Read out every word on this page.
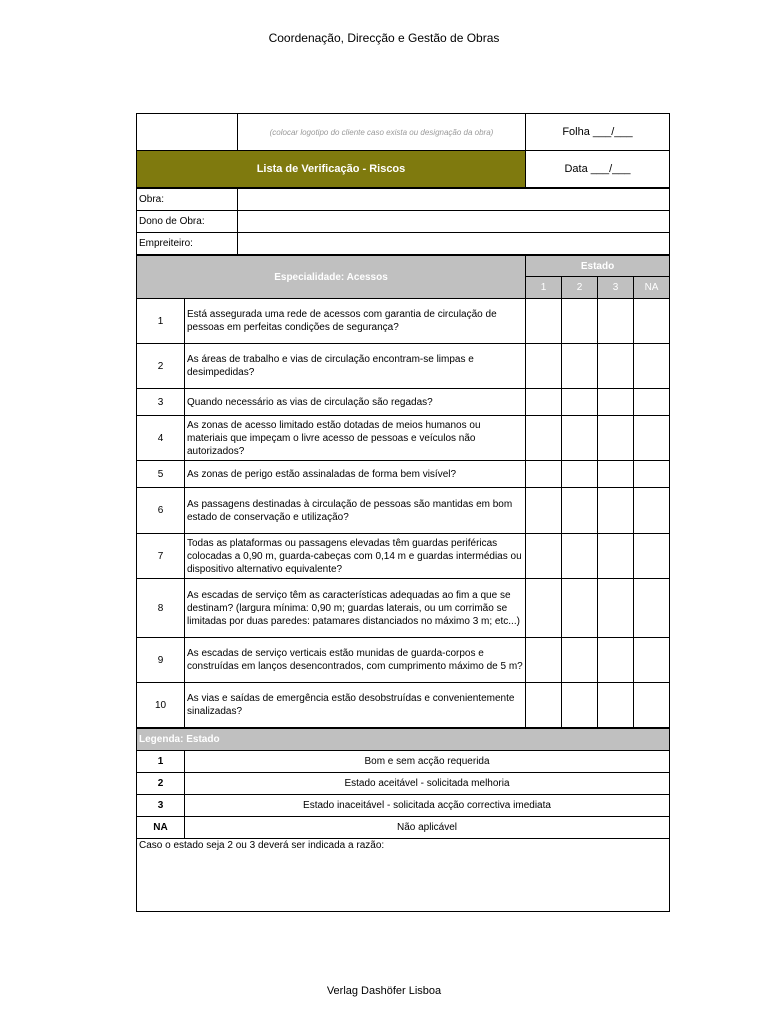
Coordenação, Direcção e Gestão de Obras
	(colocar logotipo do cliente caso exista ou designação da obra)	Folha ___/___
Lista de Verificação - Riscos		Data ___/___
Obra:	
Dono de Obra:	
Empreiteiro:	
Especialidade: Acessos		Estado			
		1	2	3	NA
1	Está assegurada uma rede de acessos com garantia de circulação de pessoas em perfeitas condições de segurança?				
2	As áreas de trabalho e vias de circulação encontram-se limpas e desimpedidas?				
3	Quando necessário as vias de circulação são regadas?				
4	As zonas de acesso limitado estão dotadas de meios humanos ou materiais que impeçam o livre acesso de pessoas e veículos não autorizados?				
5	As zonas de perigo estão assinaladas de forma bem visível?				
6	As passagens destinadas à circulação de pessoas são mantidas em bom estado de conservação e utilização?				
7	Todas as plataformas ou passagens elevadas têm guardas periféricas colocadas a 0,90 m, guarda-cabeças com 0,14 m e guardas intermédias ou dispositivo alternativo equivalente?				
8	As escadas de serviço têm as características adequadas ao fim a que se destinam? (largura mínima: 0,90 m; guardas laterais, ou um corrimão se limitadas por duas paredes: patamares distanciados no máximo 3 m; etc...)				
9	As escadas de serviço verticais estão munidas de guarda-corpos e construídas em lanços desencontrados, com cumprimento máximo de 5 m?				
10	As vias e saídas de emergência estão desobstruídas e convenientemente sinalizadas?				
Legenda: Estado	
1	Bom e sem acção requerida
2	Estado aceitável - solicitada melhoria
3	Estado inaceitável - solicitada acção correctiva imediata
NA	Não aplicável
Caso o estado seja 2 ou 3 deverá ser indicada a razão:	
Verlag Dashöfer Lisboa
